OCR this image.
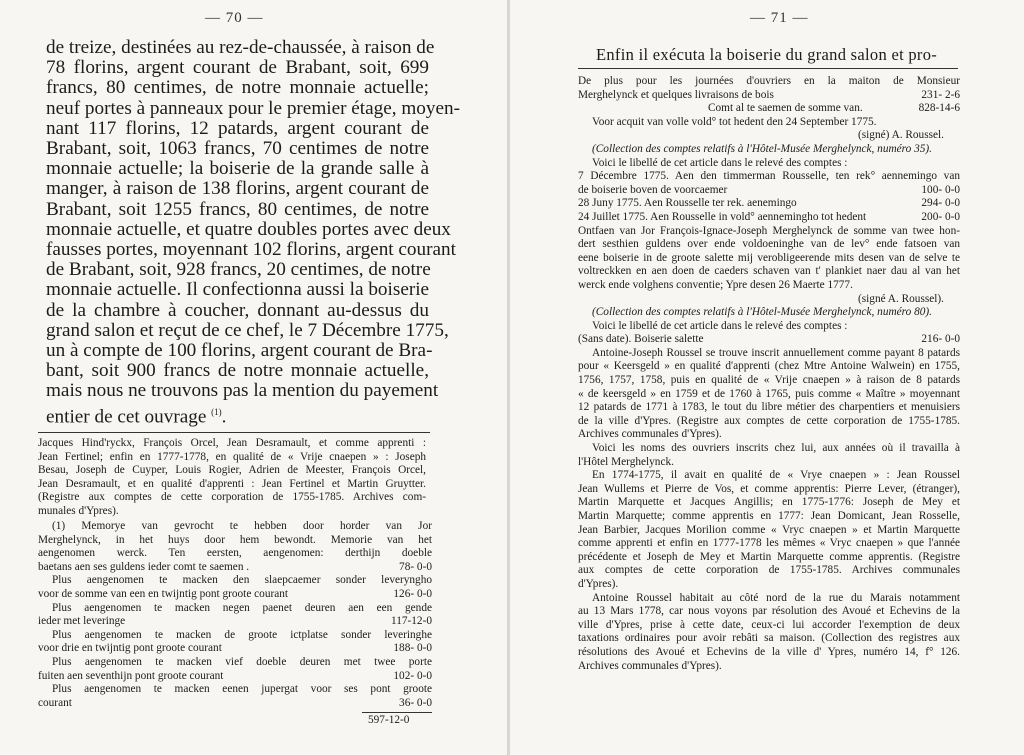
— 70 —
de treize, destinées au rez-de-chaussée, à raison de
78 florins, argent courant de Brabant, soit, 699
francs, 80 centimes, de notre monnaie actuelle;
neuf portes à panneaux pour le premier étage, moyen-
nant 117 florins, 12 patards, argent courant de
Brabant, soit, 1063 francs, 70 centimes de notre
monnaie actuelle; la boiserie de la grande salle à
manger, à raison de 138 florins, argent courant de
Brabant, soit 1255 francs, 80 centimes, de notre
monnaie actuelle, et quatre doubles portes avec deux
fausses portes, moyennant 102 florins, argent courant
de Brabant, soit, 928 francs, 20 centimes, de notre
monnaie actuelle. Il confectionna aussi la boiserie
de la chambre à coucher, donnant au-dessus du
grand salon et reçut de ce chef, le 7 Décembre 1775,
un à compte de 100 florins, argent courant de Bra-
bant, soit 900 francs de notre monnaie actuelle,
mais nous ne trouvons pas la mention du payement
entier de cet ouvrage $^{(1)}$.
Jacques Hind'ryckx, François Orcel, Jean Desramault, et comme apprenti :
Jean Fertinel; enfin en 1777-1778, en qualité de « Vrije cnaepen » : Joseph
Besau, Joseph de Cuyper, Louis Rogier, Adrien de Meester, François Orcel,
Jean Desramault, et en qualité d'apprenti : Jean Fertinel et Martin Gruytter.
(Registre aux comptes de cette corporation de 1755-1785. Archives com-
munales d'Ypres).
(1) Memorye van gevrocht te hebben door horder van Jor
Merghelynck, in het huys door hem bewondt. Memorie van het
aengenomen werck. Ten eersten, aengenomen: derthijn doeble
baetans aen ses guldens ieder comt te saemen .	78- 0-0
Plus aengenomen te macken den slaepcaemer sonder leveryngho
voor de somme van een en twijntig pont groote courant	126- 0-0
Plus aengenomen te macken negen paenet deuren aen een gende
ieder met leveringe	117-12-0
Plus aengenomen te macken de groote ictplatse sonder leveringhe
voor drie en twijntig pont groote courant	188- 0-0
Plus aengenomen te macken vief doeble deuren met twee porte
fuiten aen seventhijn pont groote courant	102- 0-0
Plus aengenomen te macken eenen jupergat voor ses pont groote
courant	36- 0-0
597-12-0
— 71 —
Enfin il exécuta la boiserie du grand salon et pro-
De plus pour les journées d'ouvriers en la maiton de Monsieur
Merghelynck et quelques livraisons de bois	231- 2-6
Comt al te saemen de somme van.	828-14-6
Voor acquit van volle vold° tot hedent den 24 September 1775.
(signé) A. Roussel.
(Collection des comptes relatifs à l'Hôtel-Musée Merghelynck, numéro 35).
Voici le libellé de cet article dans le relevé des comptes :
7 Décembre 1775. Aen den timmerman Rousselle, ten rek° aennemingo van
de boiserie boven de voorcaemer	100- 0-0
28 Juny 1775. Aen Rousselle ter rek. aenemingo	294- 0-0
24 Juillet 1775. Aen Rousselle in vold° aennemingho tot hedent	200- 0-0
Ontfaen van Jor François-Ignace-Joseph Merghelynck de somme van twee hon-
dert sesthien guldens over ende voldoeninghe van de lev° ende fatsoen van
eene boiserie in de groote salette mij verobligeerende mits desen van de selve te
voltreckken en aen doen de caeders schaven van t' plankiet naer dau al van het
werck ende volghens conventie; Ypre desen 26 Maerte 1777.
(signé A. Roussel).
(Collection des comptes relatifs à l'Hôtel-Musée Merghelynck, numéro 80).
Voici le libellé de cet article dans le relevé des comptes :
(Sans date). Boiserie salette	216- 0-0
Antoine-Joseph Roussel se trouve inscrit annuellement comme payant 8 patards
pour « Keersgeld » en qualité d'apprenti (chez Mtre Antoine Walwein) en 1755,
1756, 1757, 1758, puis en qualité de « Vrije cnaepen » à raison de 8 patards
« de keersgeld » en 1759 et de 1760 à 1765, puis comme « Maître » moyennant
12 patards de 1771 à 1783, le tout du libre métier des charpentiers et menuisiers
de la ville d'Ypres. (Registre aux comptes de cette corporation de 1755-1785.
Archives communales d'Ypres).
Voici les noms des ouvriers inscrits chez lui, aux années où il travailla à
l'Hôtel Merghelynck.
En 1774-1775, il avait en qualité de « Vrye cnaepen » : Jean Roussel
Jean Wullems et Pierre de Vos, et comme apprentis: Pierre Lever, (étranger),
Martin Marquette et Jacques Angillis; en 1775-1776: Joseph de Mey et
Martin Marquette; comme apprentis en 1777: Jean Domicant, Jean Rosselle,
Jean Barbier, Jacques Morilion comme « Vryc cnaepen » et Martin Marquette
comme apprenti et enfin en 1777-1778 les mêmes « Vryc cnaepen » que l'année
précédente et Joseph de Mey et Martin Marquette comme apprentis. (Registre
aux comptes de cette corporation de 1755-1785. Archives communales
d'Ypres).
Antoine Roussel habitait au côté nord de la rue du Marais notamment
au 13 Mars 1778, car nous voyons par résolution des Avoué et Echevins de la
ville d'Ypres, prise à cette date, ceux-ci lui accorder l'exemption de deux
taxations ordinaires pour avoir rebâti sa maison. (Collection des registres aux
résolutions des Avoué et Echevins de la ville d' Ypres, numéro 14, f° 126.
Archives communales d'Ypres).
